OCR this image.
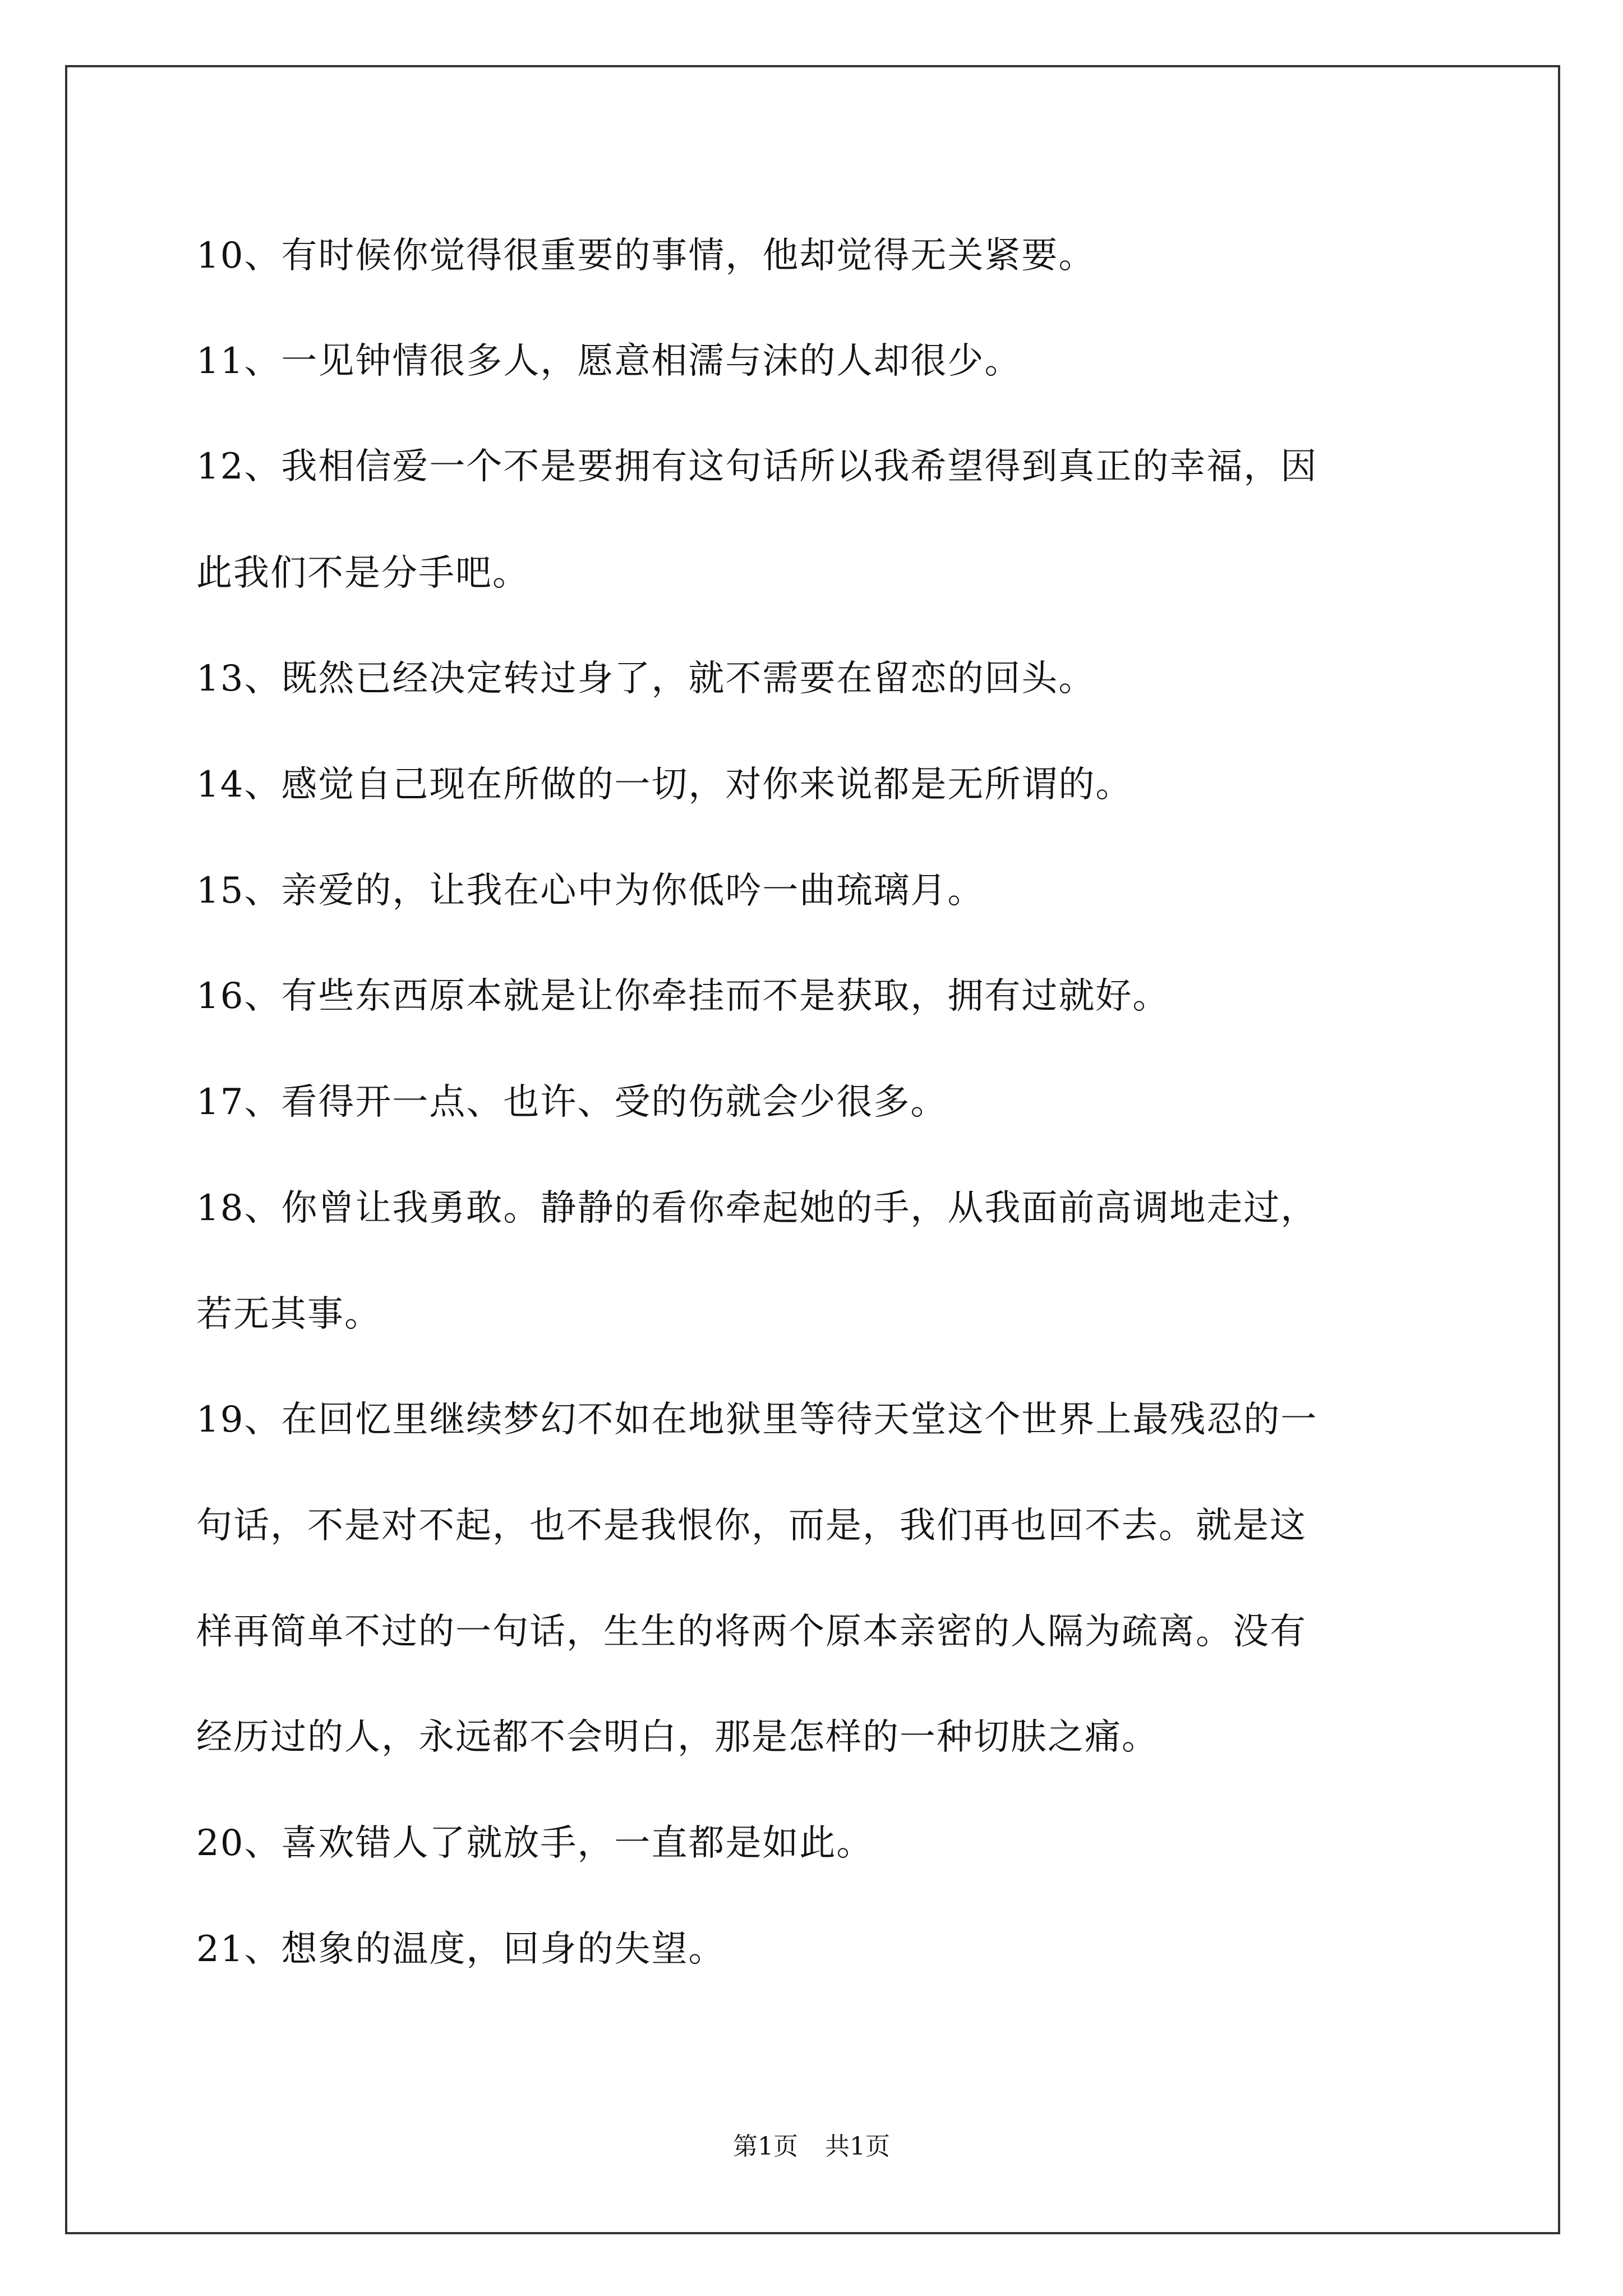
10、有时候你觉得很重要的事情，他却觉得无关紧要。
11、一见钟情很多人，愿意相濡与沫的人却很少。
12、我相信爱一个不是要拥有这句话所以我希望得到真正的幸福，因
此我们不是分手吧。
13、既然已经决定转过身了，就不需要在留恋的回头。
14、感觉自己现在所做的一切，对你来说都是无所谓的。
15、亲爱的，让我在心中为你低吟一曲琉璃月。
16、有些东西原本就是让你牵挂而不是获取，拥有过就好。
17、看得开一点、也许、受的伤就会少很多。
18、你曾让我勇敢。静静的看你牵起她的手，从我面前高调地走过，
若无其事。
19、在回忆里继续梦幻不如在地狱里等待天堂这个世界上最残忍的一
句话，不是对不起，也不是我恨你，而是，我们再也回不去。就是这
样再简单不过的一句话，生生的将两个原本亲密的人隔为疏离。没有
经历过的人，永远都不会明白，那是怎样的一种切肤之痛。
20、喜欢错人了就放手，一直都是如此。
21、想象的温度，回身的失望。
第1页 共1页
